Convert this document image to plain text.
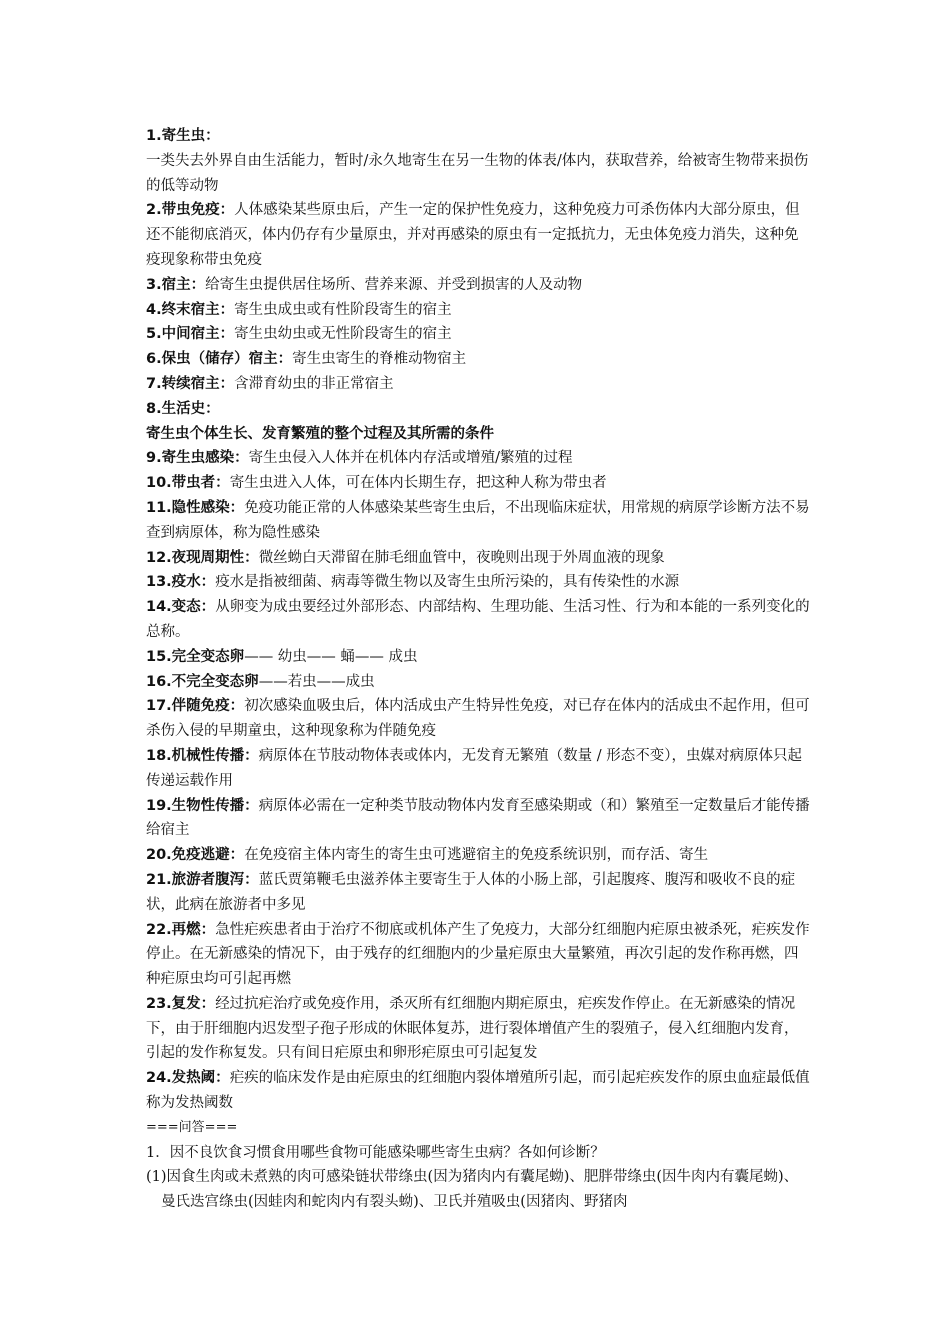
1.寄生虫：
一类失去外界自由生活能力，暂时/永久地寄生在另一生物的体表/体内，获取营养，给被寄生物带来损伤的低等动物
2.带虫免疫：人体感染某些原虫后，产生一定的保护性免疫力，这种免疫力可杀伤体内大部分原虫，但还不能彻底消灭，体内仍存有少量原虫，并对再感染的原虫有一定抵抗力，无虫体免疫力消失，这种免疫现象称带虫免疫
3.宿主：给寄生虫提供居住场所、营养来源、并受到损害的人及动物
4.终末宿主：寄生虫成虫或有性阶段寄生的宿主
5.中间宿主：寄生虫幼虫或无性阶段寄生的宿主
6.保虫（储存）宿主：寄生虫寄生的脊椎动物宿主
7.转续宿主：含滞育幼虫的非正常宿主
8.生活史：
寄生虫个体生长、发育繁殖的整个过程及其所需的条件
9.寄生虫感染：寄生虫侵入人体并在机体内存活或增殖/繁殖的过程
10.带虫者：寄生虫进入人体，可在体内长期生存，把这种人称为带虫者
11.隐性感染：免疫功能正常的人体感染某些寄生虫后，不出现临床症状，用常规的病原学诊断方法不易查到病原体，称为隐性感染
12.夜现周期性：微丝蚴白天滞留在肺毛细血管中，夜晚则出现于外周血液的现象
13.疫水：疫水是指被细菌、病毒等微生物以及寄生虫所污染的，具有传染性的水源
14.变态：从卵变为成虫要经过外部形态、内部结构、生理功能、生活习性、行为和本能的一系列变化的总称。
15.完全变态卵—— 幼虫—— 蛹—— 成虫
16.不完全变态卵——若虫——成虫
17.伴随免疫：初次感染血吸虫后，体内活成虫产生特异性免疫，对已存在体内的活成虫不起作用，但可杀伤入侵的早期童虫，这种现象称为伴随免疫
18.机械性传播：病原体在节肢动物体表或体内，无发育无繁殖（数量 / 形态不变），虫媒对病原体只起传递运载作用
19.生物性传播：病原体必需在一定种类节肢动物体内发育至感染期或（和）繁殖至一定数量后才能传播给宿主
20.免疫逃避：在免疫宿主体内寄生的寄生虫可逃避宿主的免疫系统识别，而存活、寄生
21.旅游者腹泻：蓝氏贾第鞭毛虫滋养体主要寄生于人体的小肠上部，引起腹疼、腹泻和吸收不良的症状，此病在旅游者中多见
22.再燃：急性疟疾患者由于治疗不彻底或机体产生了免疫力，大部分红细胞内疟原虫被杀死，疟疾发作停止。在无新感染的情况下，由于残存的红细胞内的少量疟原虫大量繁殖，再次引起的发作称再燃，四种疟原虫均可引起再燃
23.复发：经过抗疟治疗或免疫作用，杀灭所有红细胞内期疟原虫，疟疾发作停止。在无新感染的情况下，由于肝细胞内迟发型子孢子形成的休眠体复苏，进行裂体增值产生的裂殖子，侵入红细胞内发育，引起的发作称复发。只有间日疟原虫和卵形疟原虫可引起复发
24.发热阈：疟疾的临床发作是由疟原虫的红细胞内裂体增殖所引起，而引起疟疾发作的原虫血症最低值称为发热阈数
===问答===
1．因不良饮食习惯食用哪些食物可能感染哪些寄生虫病？各如何诊断？
(1)因食生肉或未煮熟的肉可感染链状带绦虫(因为猪肉内有囊尾蚴)、肥胖带绦虫(因牛肉内有囊尾蚴)、曼氏迭宫绦虫(因蛙肉和蛇肉内有裂头蚴)、卫氏并殖吸虫(因猪肉、野猪肉
